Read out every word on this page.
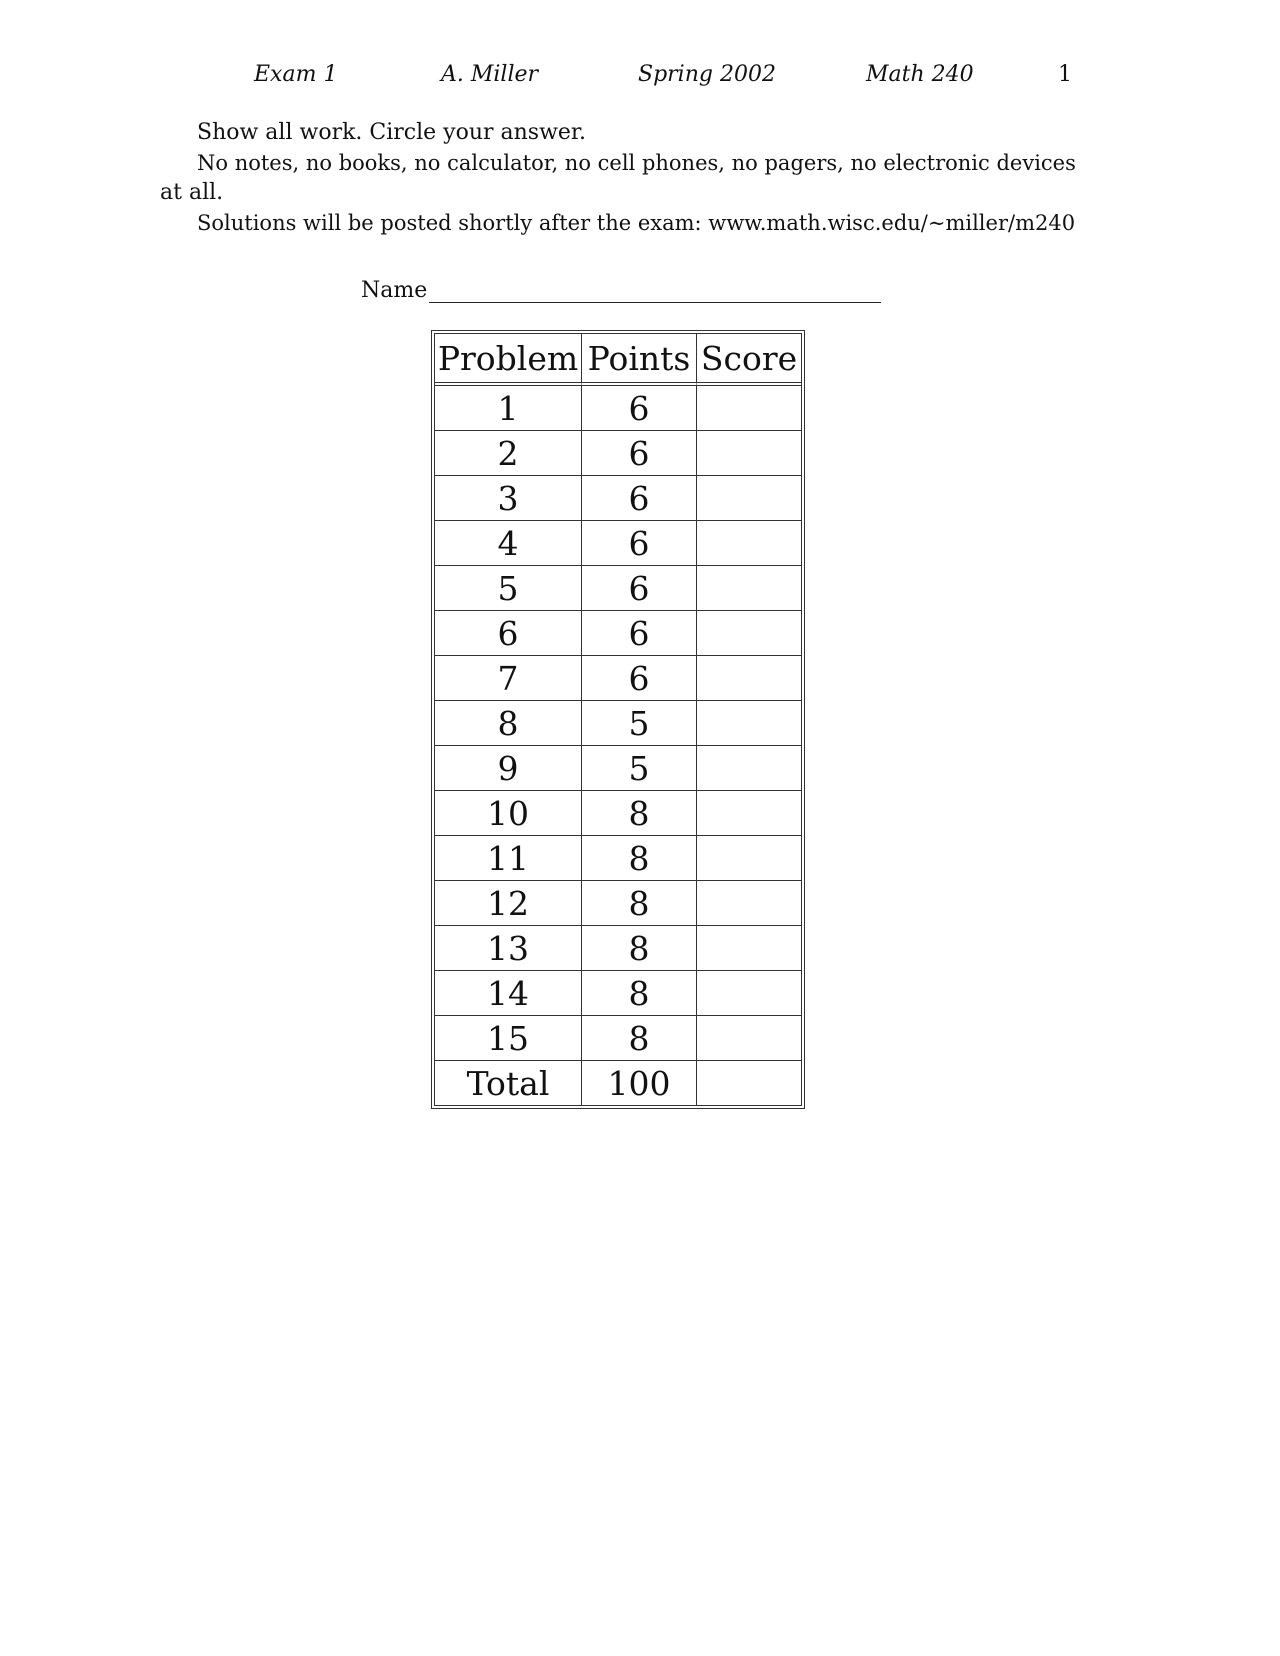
Exam 1	A. Miller	Spring 2002	Math 240	1
Show all work. Circle your answer.
No notes, no books, no calculator, no cell phones, no pagers, no electronic devices
at all.
Solutions will be posted shortly after the exam: www.math.wisc.edu/∼miller/m240
Name
Problem	Points	Score
1	6	
2	6	
3	6	
4	6	
5	6	
6	6	
7	6	
8	5	
9	5	
10	8	
11	8	
12	8	
13	8	
14	8	
15	8	
Total	100	
